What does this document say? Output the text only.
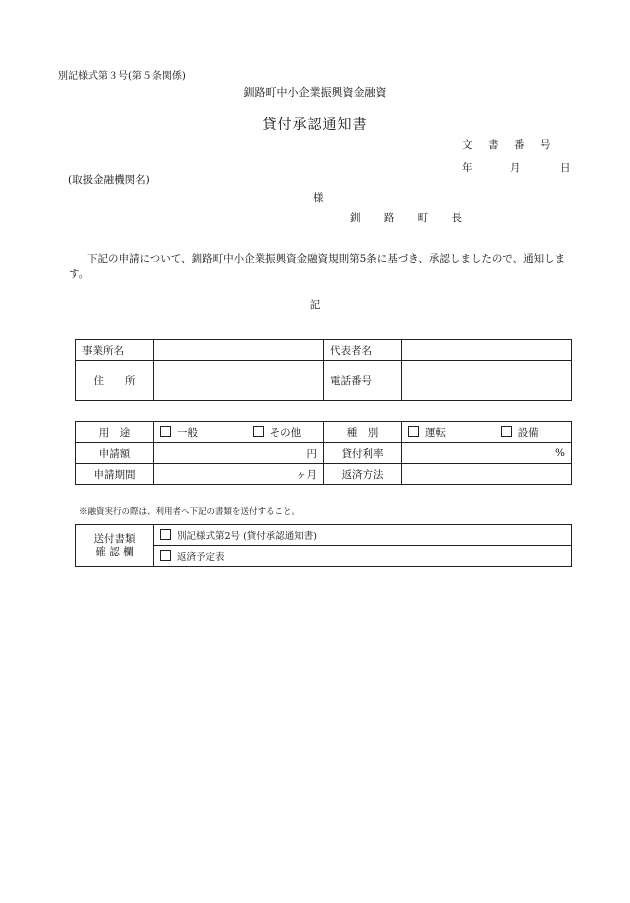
別記様式第３号(第５条関係)
釧路町中小企業振興資金融資
貸付承認通知書
文	書	番	号
年	月	日
(取扱金融機関名)
様
釧 路 町 長
下記の申請について、釧路町中小企業振興資金融資規則第5条に基づき、承認しましたので、通知します。
記
事業所名		代表者名	
住　　所		電話番号	
用　途	一般 その他	種　別	運転 設備
申請額	円	貸付利率	%
申請期間	ヶ月	返済方法	
※融資実行の際は、利用者へ下記の書類を送付すること。
送付書類
確 認 欄
	別記様式第2号 (貸付承認通知書)
返済予定表
